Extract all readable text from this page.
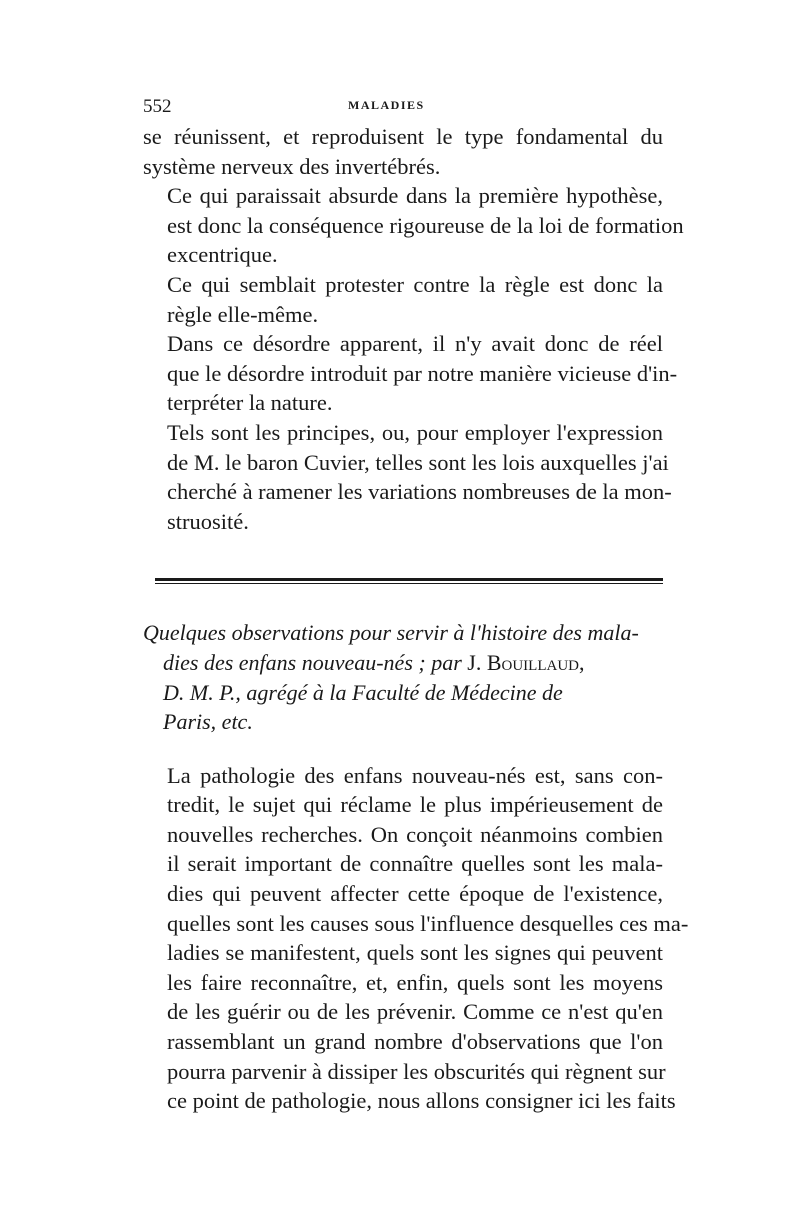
552	MALADIES

se réunissent, et reproduisent le type fondamental du
système nerveux des invertébrés.

Ce qui paraissait absurde dans la première hypothèse,
est donc la conséquence rigoureuse de la loi de formation
excentrique.

Ce qui semblait protester contre la règle est donc la
règle elle-même.

Dans ce désordre apparent, il n'y avait donc de réel
que le désordre introduit par notre manière vicieuse d'in-
terpréter la nature.

Tels sont les principes, ou, pour employer l'expression
de M. le baron Cuvier, telles sont les lois auxquelles j'ai
cherché à ramener les variations nombreuses de la mon-
struosité.

Quelques observations pour servir à l'histoire des mala-
dies des enfans nouveau-nés ; par J. Bouillaud,
D. M. P., agrégé à la Faculté de Médecine de
Paris, etc.

La pathologie des enfans nouveau-nés est, sans con-
tredit, le sujet qui réclame le plus impérieusement de
nouvelles recherches. On conçoit néanmoins combien
il serait important de connaître quelles sont les mala-
dies qui peuvent affecter cette époque de l'existence,
quelles sont les causes sous l'influence desquelles ces ma-
ladies se manifestent, quels sont les signes qui peuvent
les faire reconnaître, et, enfin, quels sont les moyens
de les guérir ou de les prévenir. Comme ce n'est qu'en
rassemblant un grand nombre d'observations que l'on
pourra parvenir à dissiper les obscurités qui règnent sur
ce point de pathologie, nous allons consigner ici les faits
